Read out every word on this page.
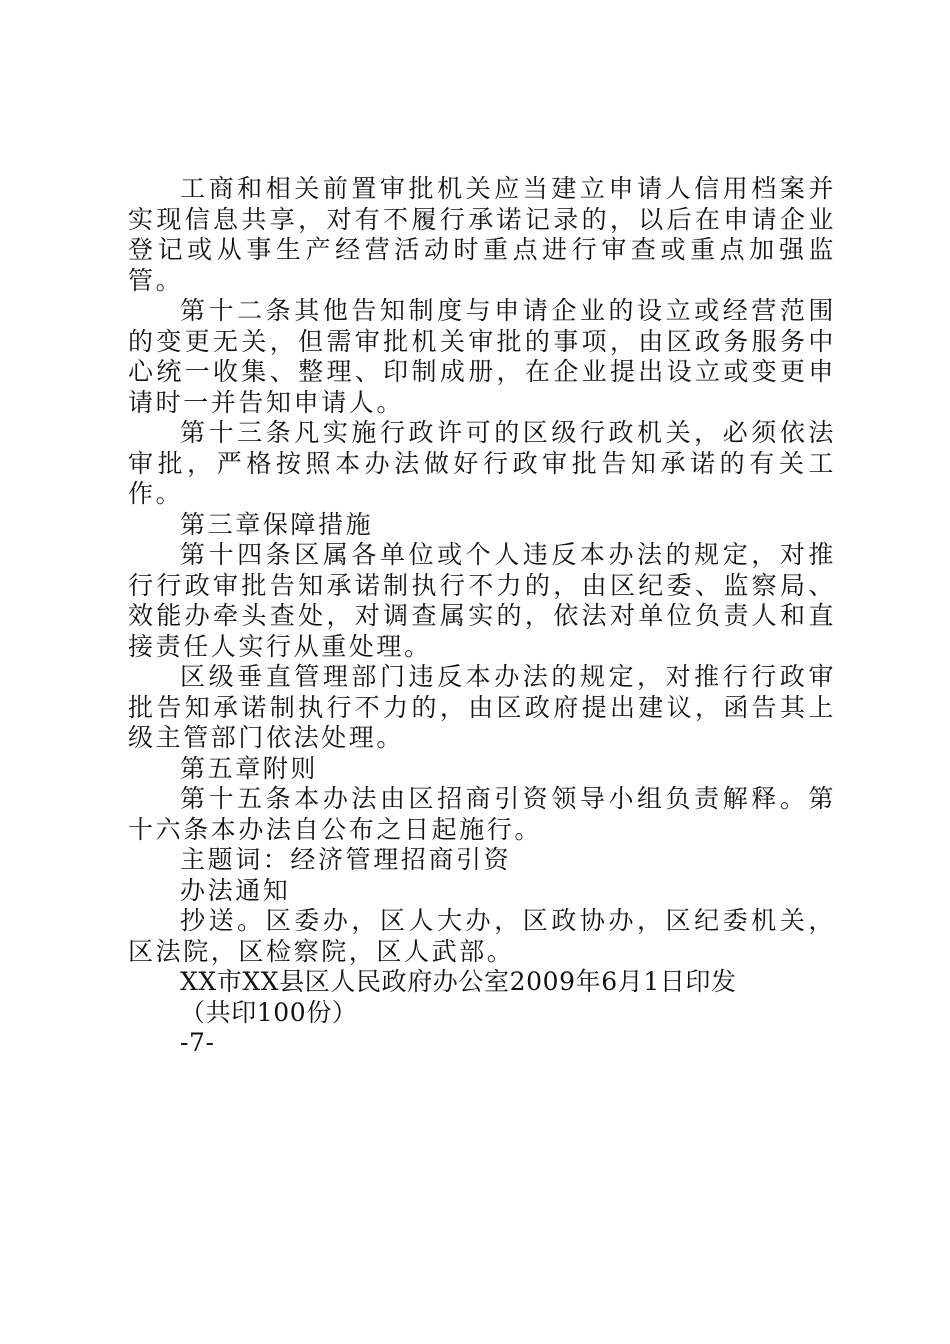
工商和相关前置审批机关应当建立申请人信用档案并实现信息共享，对有不履行承诺记录的，以后在申请企业登记或从事生产经营活动时重点进行审查或重点加强监管。

第十二条其他告知制度与申请企业的设立或经营范围的变更无关，但需审批机关审批的事项，由区政务服务中心统一收集、整理、印制成册，在企业提出设立或变更申请时一并告知申请人。

第十三条凡实施行政许可的区级行政机关，必须依法审批，严格按照本办法做好行政审批告知承诺的有关工作。

第三章保障措施

第十四条区属各单位或个人违反本办法的规定，对推行行政审批告知承诺制执行不力的，由区纪委、监察局、效能办牵头查处，对调查属实的，依法对单位负责人和直接责任人实行从重处理。

区级垂直管理部门违反本办法的规定，对推行行政审批告知承诺制执行不力的，由区政府提出建议，函告其上级主管部门依法处理。

第五章附则

第十五条本办法由区招商引资领导小组负责解释。第十六条本办法自公布之日起施行。

主题词：经济管理招商引资

办法通知

抄送。区委办，区人大办，区政协办，区纪委机关，区法院，区检察院，区人武部。

XX市XX县区人民政府办公室2009年6月1日印发

（共印100份）

-7-
